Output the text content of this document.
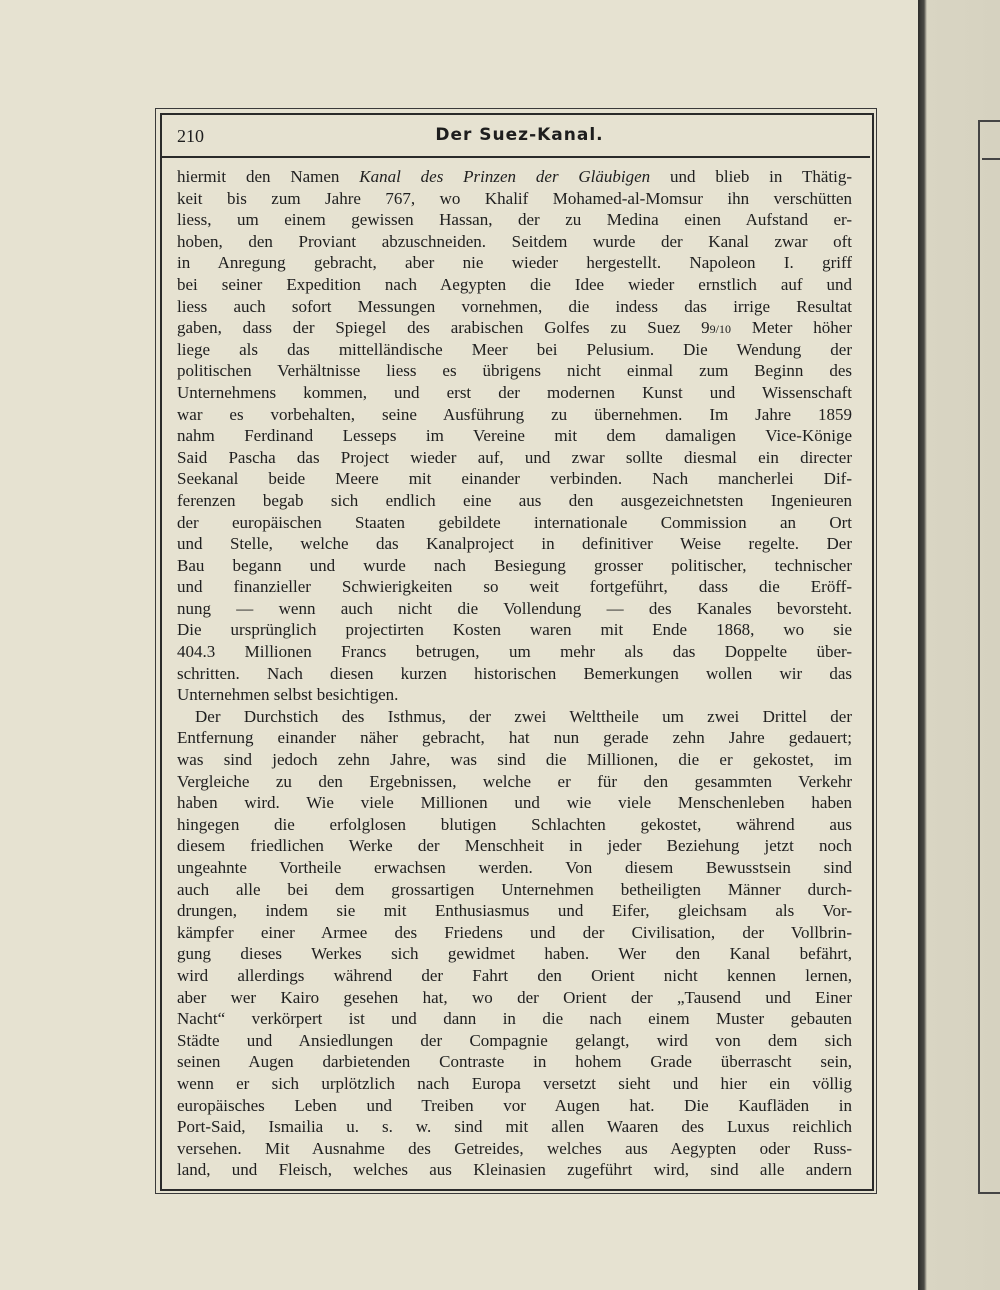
210	Der Suez-Kanal.
hiermit den Namen Kanal des Prinzen der Gläubigen und blieb in Thätig-
keit bis zum Jahre 767, wo Khalif Mohamed-al-Momsur ihn verschütten
liess, um einem gewissen Hassan, der zu Medina einen Aufstand er-
hoben, den Proviant abzuschneiden. Seitdem wurde der Kanal zwar oft
in Anregung gebracht, aber nie wieder hergestellt. Napoleon I. griff
bei seiner Expedition nach Aegypten die Idee wieder ernstlich auf und
liess auch sofort Messungen vornehmen, die indess das irrige Resultat
gaben, dass der Spiegel des arabischen Golfes zu Suez 99/10 Meter höher
liege als das mittelländische Meer bei Pelusium. Die Wendung der
politischen Verhältnisse liess es übrigens nicht einmal zum Beginn des
Unternehmens kommen, und erst der modernen Kunst und Wissenschaft
war es vorbehalten, seine Ausführung zu übernehmen. Im Jahre 1859
nahm Ferdinand Lesseps im Vereine mit dem damaligen Vice-Könige
Said Pascha das Project wieder auf, und zwar sollte diesmal ein directer
Seekanal beide Meere mit einander verbinden. Nach mancherlei Dif-
ferenzen begab sich endlich eine aus den ausgezeichnetsten Ingenieuren
der europäischen Staaten gebildete internationale Commission an Ort
und Stelle, welche das Kanalproject in definitiver Weise regelte. Der
Bau begann und wurde nach Besiegung grosser politischer, technischer
und finanzieller Schwierigkeiten so weit fortgeführt, dass die Eröff-
nung — wenn auch nicht die Vollendung — des Kanales bevorsteht.
Die ursprünglich projectirten Kosten waren mit Ende 1868, wo sie
404.3 Millionen Francs betrugen, um mehr als das Doppelte über-
schritten. Nach diesen kurzen historischen Bemerkungen wollen wir das
Unternehmen selbst besichtigen.
Der Durchstich des Isthmus, der zwei Welttheile um zwei Drittel der
Entfernung einander näher gebracht, hat nun gerade zehn Jahre gedauert;
was sind jedoch zehn Jahre, was sind die Millionen, die er gekostet, im
Vergleiche zu den Ergebnissen, welche er für den gesammten Verkehr
haben wird. Wie viele Millionen und wie viele Menschenleben haben
hingegen die erfolglosen blutigen Schlachten gekostet, während aus
diesem friedlichen Werke der Menschheit in jeder Beziehung jetzt noch
ungeahnte Vortheile erwachsen werden. Von diesem Bewusstsein sind
auch alle bei dem grossartigen Unternehmen betheiligten Männer durch-
drungen, indem sie mit Enthusiasmus und Eifer, gleichsam als Vor-
kämpfer einer Armee des Friedens und der Civilisation, der Vollbrin-
gung dieses Werkes sich gewidmet haben. Wer den Kanal befährt,
wird allerdings während der Fahrt den Orient nicht kennen lernen,
aber wer Kairo gesehen hat, wo der Orient der „Tausend und Einer
Nacht“ verkörpert ist und dann in die nach einem Muster gebauten
Städte und Ansiedlungen der Compagnie gelangt, wird von dem sich
seinen Augen darbietenden Contraste in hohem Grade überrascht sein,
wenn er sich urplötzlich nach Europa versetzt sieht und hier ein völlig
europäisches Leben und Treiben vor Augen hat. Die Kaufläden in
Port-Said, Ismailia u. s. w. sind mit allen Waaren des Luxus reichlich
versehen. Mit Ausnahme des Getreides, welches aus Aegypten oder Russ-
land, und Fleisch, welches aus Kleinasien zugeführt wird, sind alle andern
